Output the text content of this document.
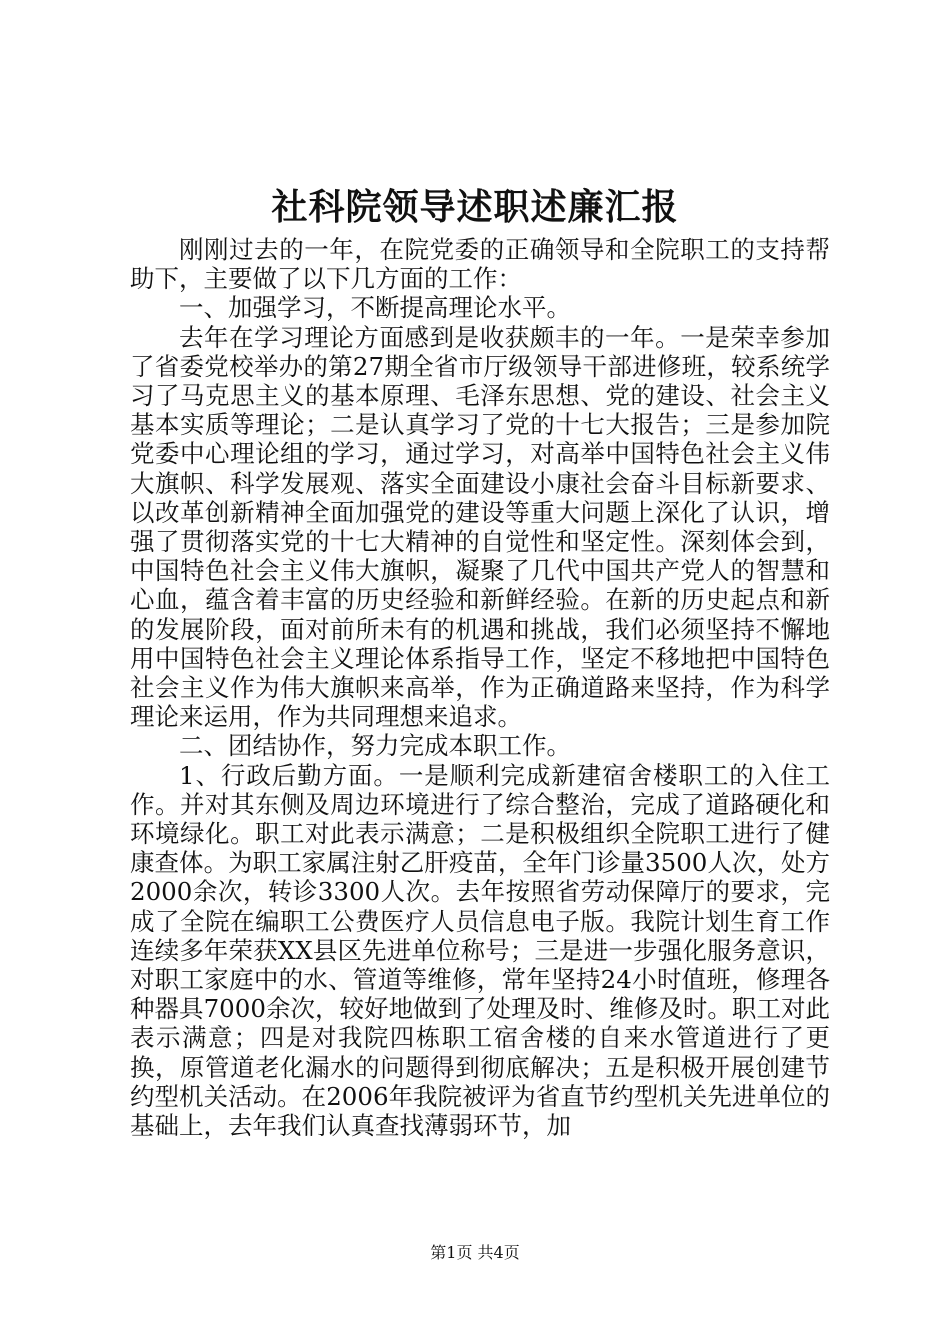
社科院领导述职述廉汇报

刚刚过去的一年，在院党委的正确领导和全院职工的支持帮助下，主要做了以下几方面的工作：

一、加强学习，不断提高理论水平。

去年在学习理论方面感到是收获颇丰的一年。一是荣幸参加了省委党校举办的第27期全省市厅级领导干部进修班，较系统学习了马克思主义的基本原理、毛泽东思想、党的建设、社会主义基本实质等理论；二是认真学习了党的十七大报告；三是参加院党委中心理论组的学习，通过学习，对高举中国特色社会主义伟大旗帜、科学发展观、落实全面建设小康社会奋斗目标新要求、以改革创新精神全面加强党的建设等重大问题上深化了认识，增强了贯彻落实党的十七大精神的自觉性和坚定性。深刻体会到，中国特色社会主义伟大旗帜，凝聚了几代中国共产党人的智慧和心血，蕴含着丰富的历史经验和新鲜经验。在新的历史起点和新的发展阶段，面对前所未有的机遇和挑战，我们必须坚持不懈地用中国特色社会主义理论体系指导工作，坚定不移地把中国特色社会主义作为伟大旗帜来高举，作为正确道路来坚持，作为科学理论来运用，作为共同理想来追求。

二、团结协作，努力完成本职工作。

1、行政后勤方面。一是顺利完成新建宿舍楼职工的入住工作。并对其东侧及周边环境进行了综合整治，完成了道路硬化和环境绿化。职工对此表示满意；二是积极组织全院职工进行了健康查体。为职工家属注射乙肝疫苗，全年门诊量3500人次，处方2000余次，转诊3300人次。去年按照省劳动保障厅的要求，完成了全院在编职工公费医疗人员信息电子版。我院计划生育工作连续多年荣获XX县区先进单位称号；三是进一步强化服务意识，对职工家庭中的水、管道等维修，常年坚持24小时值班，修理各种器具7000余次，较好地做到了处理及时、维修及时。职工对此表示满意；四是对我院四栋职工宿舍楼的自来水管道进行了更换，原管道老化漏水的问题得到彻底解决；五是积极开展创建节约型机关活动。在2006年我院被评为省直节约型机关先进单位的基础上，去年我们认真查找薄弱环节，加

第1页 共4页
